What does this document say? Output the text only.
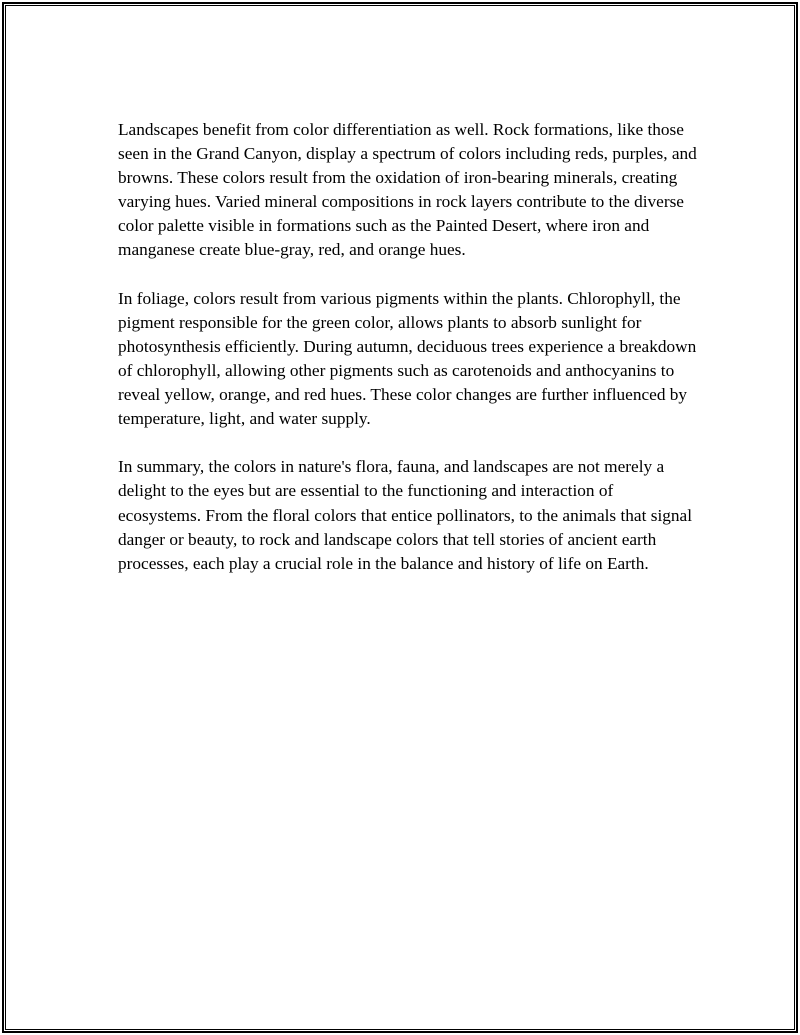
Landscapes benefit from color differentiation as well. Rock formations, like those seen in the Grand Canyon, display a spectrum of colors including reds, purples, and browns. These colors result from the oxidation of iron-bearing minerals, creating varying hues. Varied mineral compositions in rock layers contribute to the diverse color palette visible in formations such as the Painted Desert, where iron and manganese create blue-gray, red, and orange hues.

In foliage, colors result from various pigments within the plants. Chlorophyll, the pigment responsible for the green color, allows plants to absorb sunlight for photosynthesis efficiently. During autumn, deciduous trees experience a breakdown of chlorophyll, allowing other pigments such as carotenoids and anthocyanins to reveal yellow, orange, and red hues. These color changes are further influenced by temperature, light, and water supply.

In summary, the colors in nature's flora, fauna, and landscapes are not merely a delight to the eyes but are essential to the functioning and interaction of ecosystems. From the floral colors that entice pollinators, to the animals that signal danger or beauty, to rock and landscape colors that tell stories of ancient earth processes, each play a crucial role in the balance and history of life on Earth.
